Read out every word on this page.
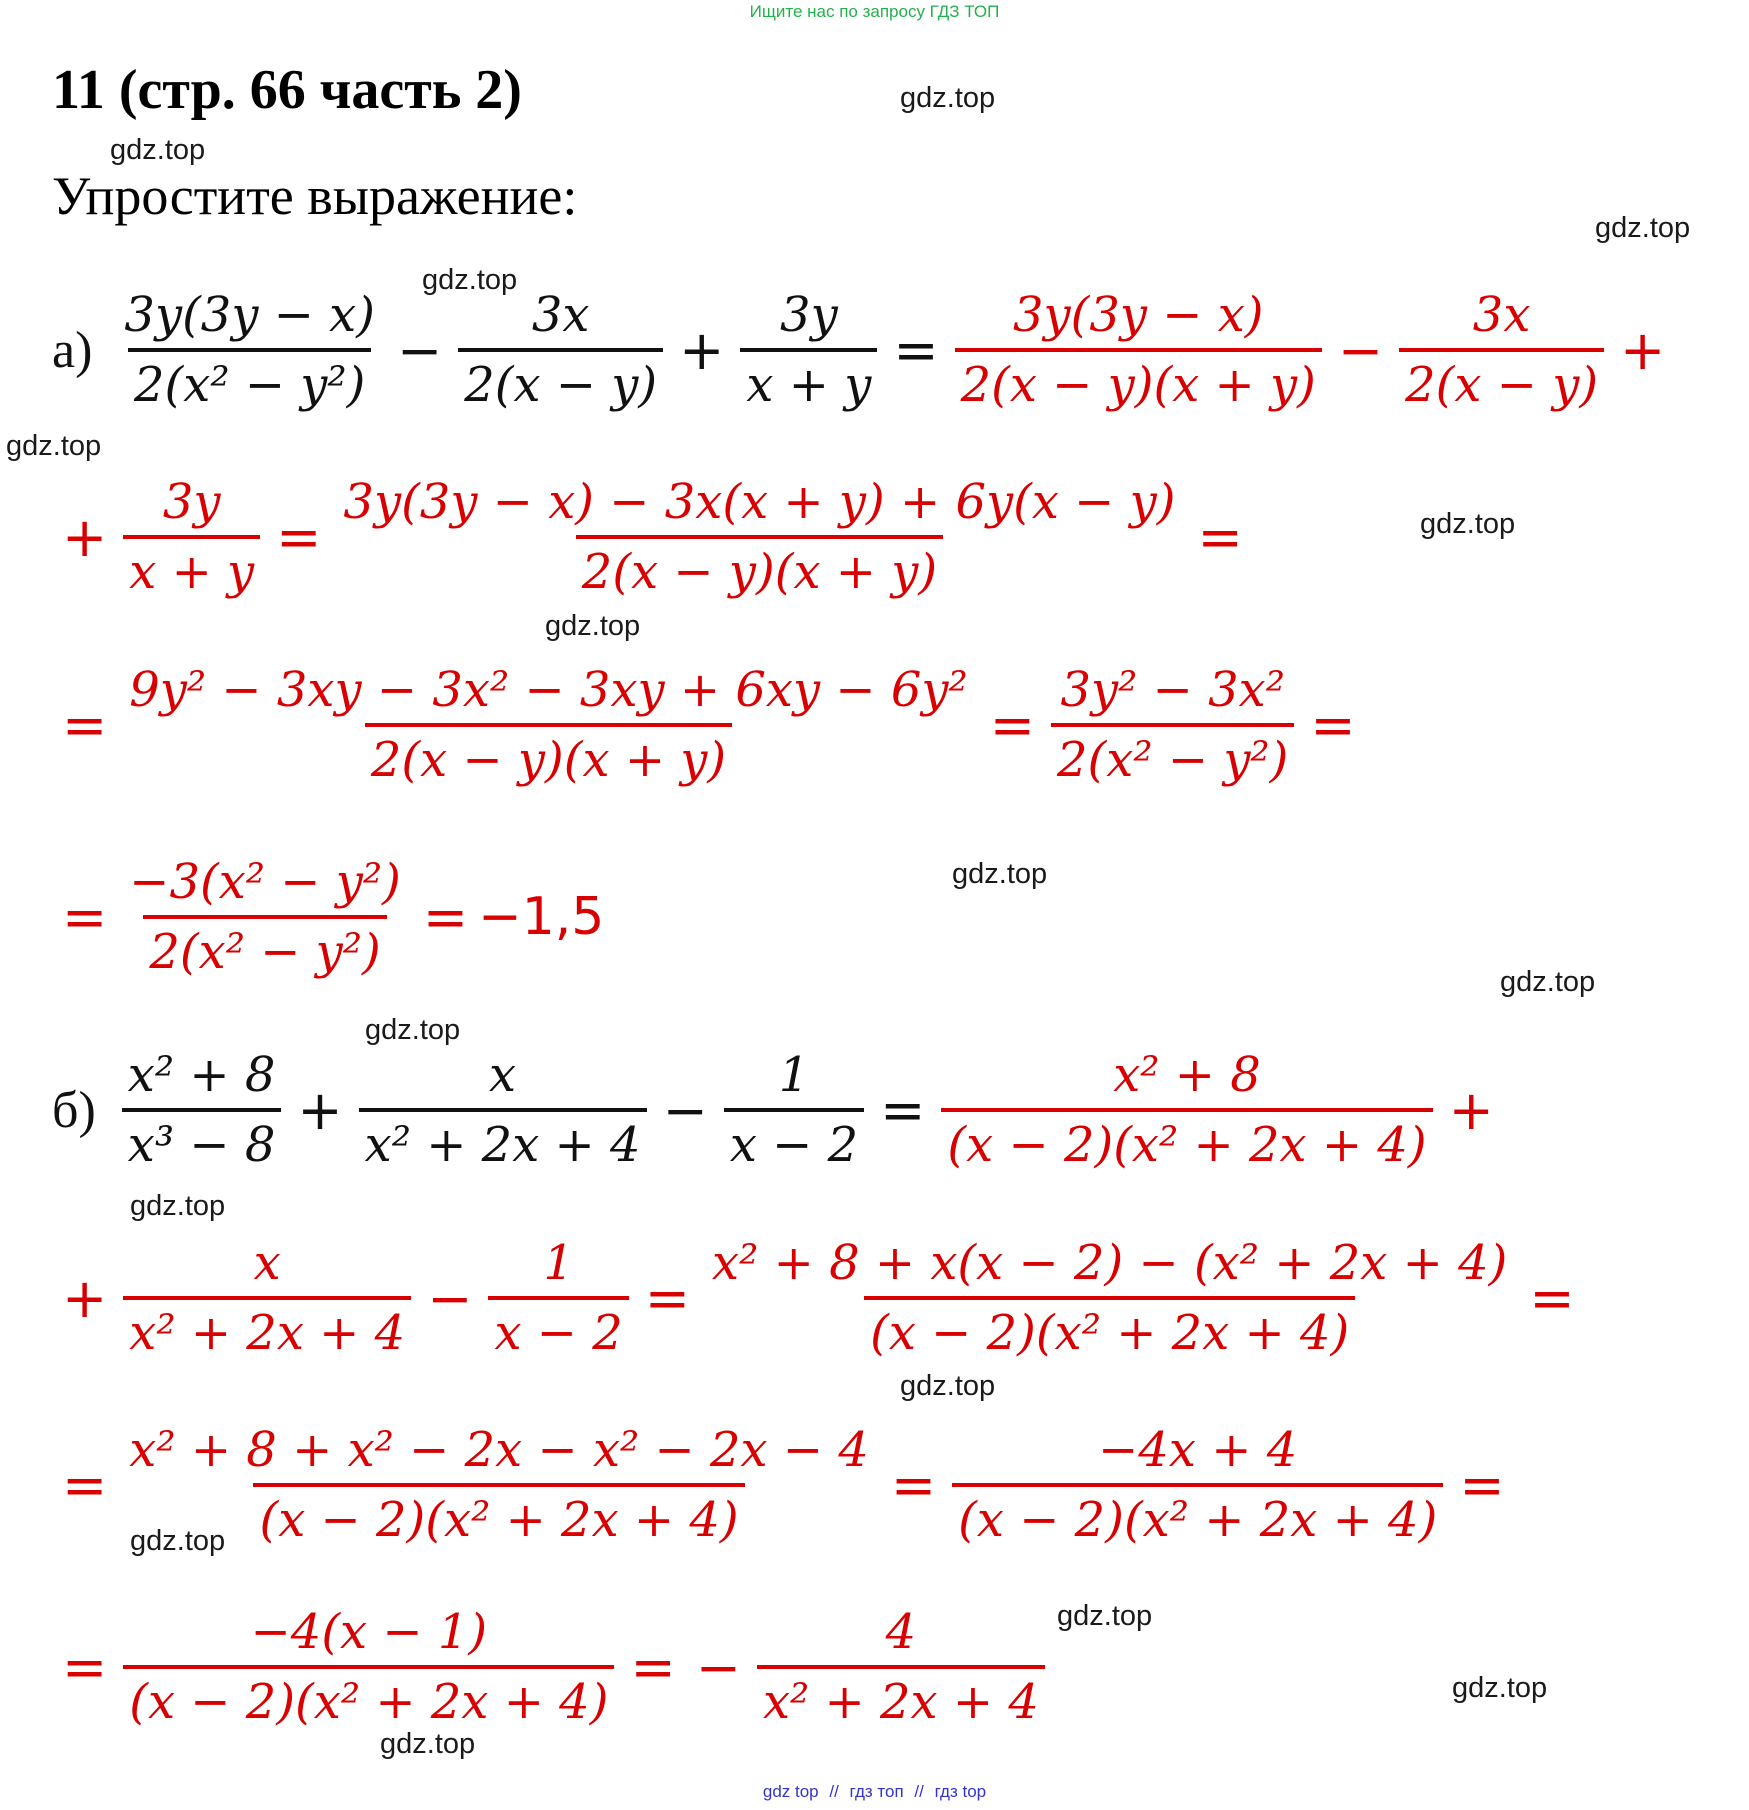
Ищите нас по запросу ГДЗ ТОП
11 (стр. 66 часть 2)
Упростите выражение:
gdz.top
gdz.top
gdz.top
gdz.top
gdz.top
gdz.top
gdz.top
gdz.top
gdz.top
gdz.top
gdz.top
gdz.top
gdz.top
gdz.top
gdz.top
gdz.top
$а) \frac{3y(3y - x)}{\text{2(x² − y²)}} - \frac{3x}{2(x - y)} + \frac{3y}{x + y} = \frac{3y(3y - x)}{2(x - y)(x + y)} - \frac{3x}{2(x - y)}$ +
+ $\frac{3y}{x + y} = \frac{3y(3y - x) - 3x(x + y) + 6y(x - y)}{2(x - y)(x + y)}$ =
= $\frac{\text{9y² − 3xy − 3x² − 3xy + 6xy − 6y²}}{2(x - y)(x + y)} = \frac{\text{3y² − 3x²}}{\text{2(x² − y²)}}$ =
= $\frac{\text{−3(x² − y²)}}{\text{2(x² − y²)}} = -1,5$
$б) \frac{\text{x² + 8}}{\text{x³ − 8}} + \frac{x}{\text{x² + 2x + 4}} - \frac{1}{x - 2} = \frac{\text{x² + 8}}{\text{(x − 2)(x² + 2x + 4)}}$ +
+ $\frac{x}{\text{x² + 2x + 4}} - \frac{1}{x - 2} = \frac{\text{x² + 8 + x(x − 2) − (x² + 2x + 4)}}{\text{(x − 2)(x² + 2x + 4)}}$ =
= $\frac{\text{x² + 8 + x² − 2x − x² − 2x − 4}}{\text{(x − 2)(x² + 2x + 4)}} = \frac{-4x + 4}{\text{(x − 2)(x² + 2x + 4)}}$ =
= $\frac{-4(x - 1)}{\text{(x − 2)(x² + 2x + 4)}}$ = − $\frac{4}{\text{x² + 2x + 4}}$
gdz top // гдз топ // гдз top
